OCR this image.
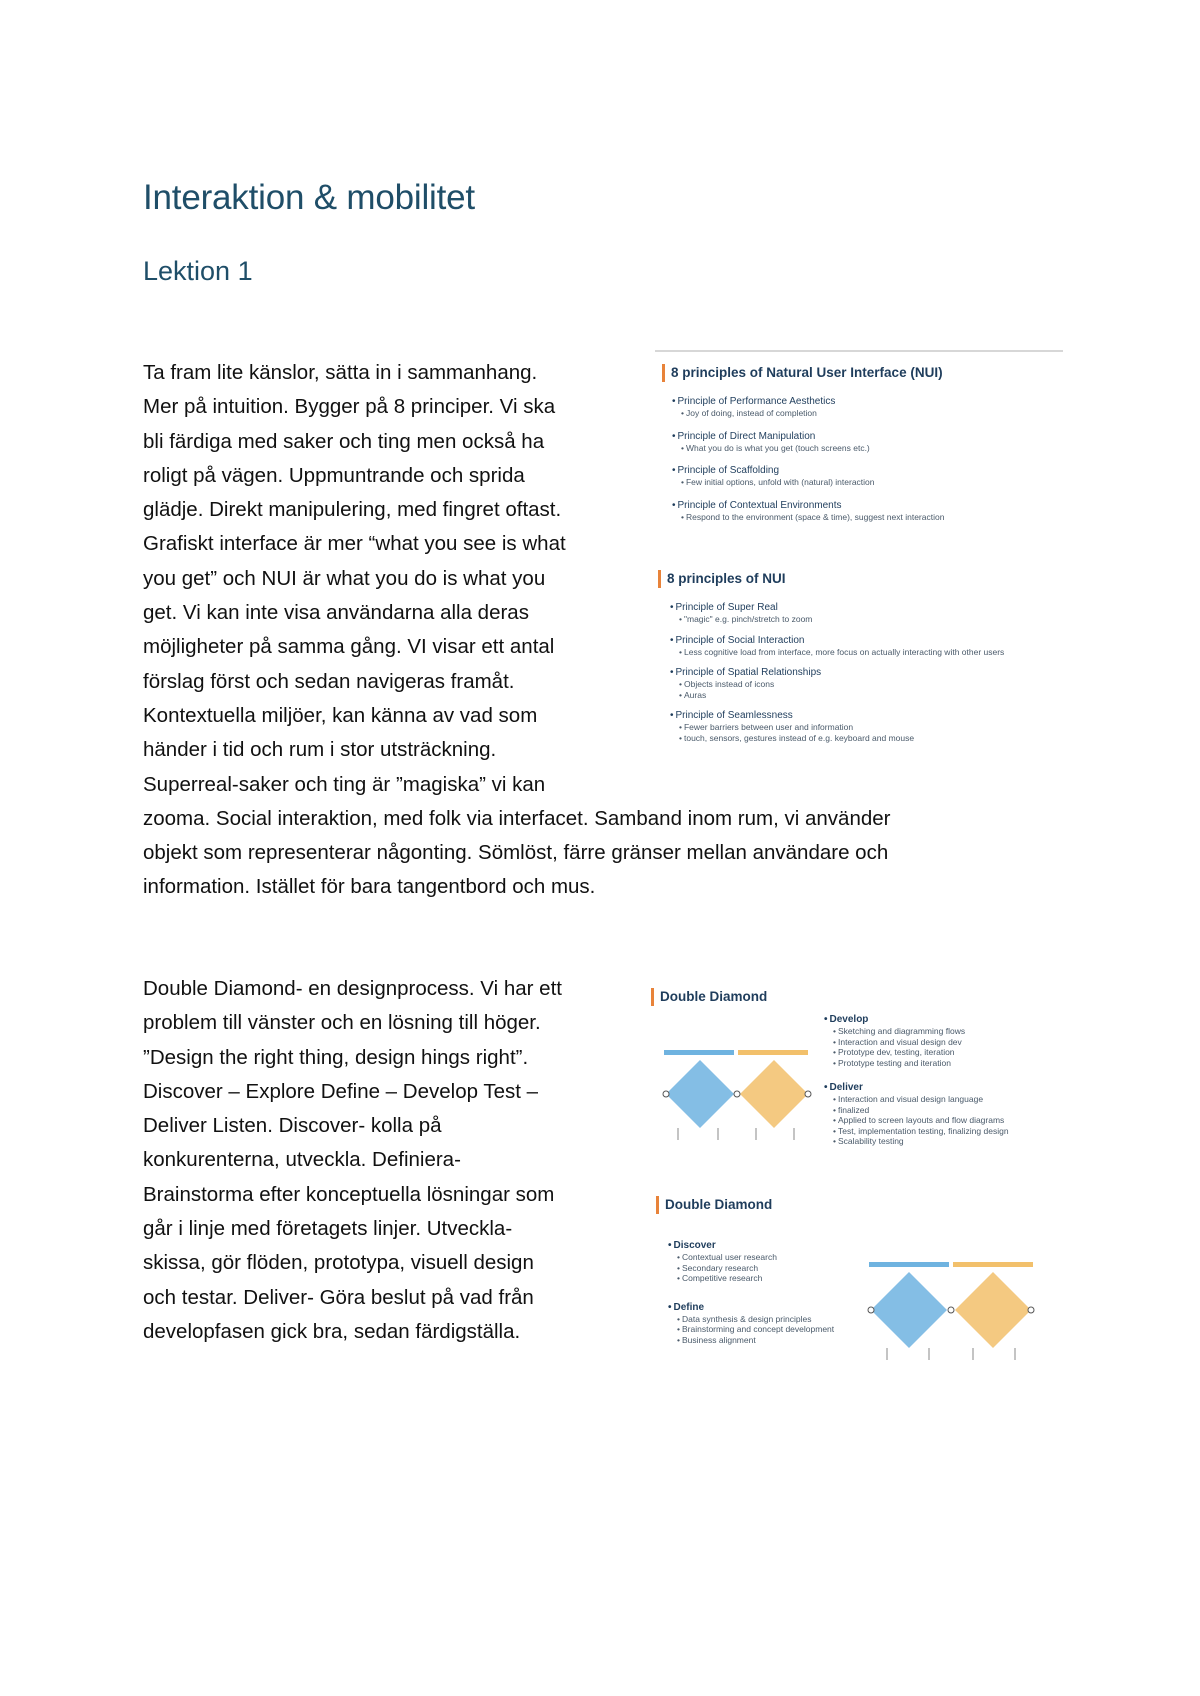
Interaktion & mobilitet
Lektion 1

Ta fram lite känslor, sätta in i sammanhang.
Mer på intuition. Bygger på 8 principer. Vi ska
bli färdiga med saker och ting men också ha
roligt på vägen. Uppmuntrande och sprida
glädje. Direkt manipulering, med fingret oftast.
Grafiskt interface är mer “what you see is what
you get” och NUI är what you do is what you
get. Vi kan inte visa användarna alla deras
möjligheter på samma gång. VI visar ett antal
förslag först och sedan navigeras framåt.
Kontextuella miljöer, kan känna av vad som
händer i tid och rum i stor utsträckning.
Superreal-saker och ting är ”magiska” vi kan
zooma. Social interaktion, med folk via interfacet. Samband inom rum, vi använder
objekt som representerar någonting. Sömlöst, färre gränser mellan användare och
information. Istället för bara tangentbord och mus.

8 principles of Natural User Interface (NUI)
• Principle of Performance Aesthetics
• Joy of doing, instead of completion
• Principle of Direct Manipulation
• What you do is what you get (touch screens etc.)
• Principle of Scaffolding
• Few initial options, unfold with (natural) interaction
• Principle of Contextual Environments
• Respond to the environment (space & time), suggest next interaction
8 principles of NUI
• Principle of Super Real
• "magic" e.g. pinch/stretch to zoom
• Principle of Social Interaction
• Less cognitive load from interface, more focus on actually interacting with other users
• Principle of Spatial Relationships
• Objects instead of icons
• Auras
• Principle of Seamlessness
• Fewer barriers between user and information
• touch, sensors, gestures instead of e.g. keyboard and mouse

Double Diamond- en designprocess. Vi har ett
problem till vänster och en lösning till höger.
”Design the right thing, design hings right”.
Discover – Explore Define – Develop Test –
Deliver Listen. Discover- kolla på
konkurenterna, utveckla. Definiera-
Brainstorma efter konceptuella lösningar som
går i linje med företagets linjer. Utveckla-
skissa, gör flöden, prototypa, visuell design
och testar. Deliver- Göra beslut på vad från
developfasen gick bra, sedan färdigställa.

Double Diamond
• Develop
• Sketching and diagramming flows
• Interaction and visual design dev
• Prototype dev, testing, iteration
• Prototype testing and iteration
• Deliver
• Interaction and visual design language
• finalized
• Applied to screen layouts and flow diagrams
• Test, implementation testing, finalizing design
• Scalability testing
Double Diamond
• Discover
• Contextual user research
• Secondary research
• Competitive research
• Define
• Data synthesis & design principles
• Brainstorming and concept development
• Business alignment
